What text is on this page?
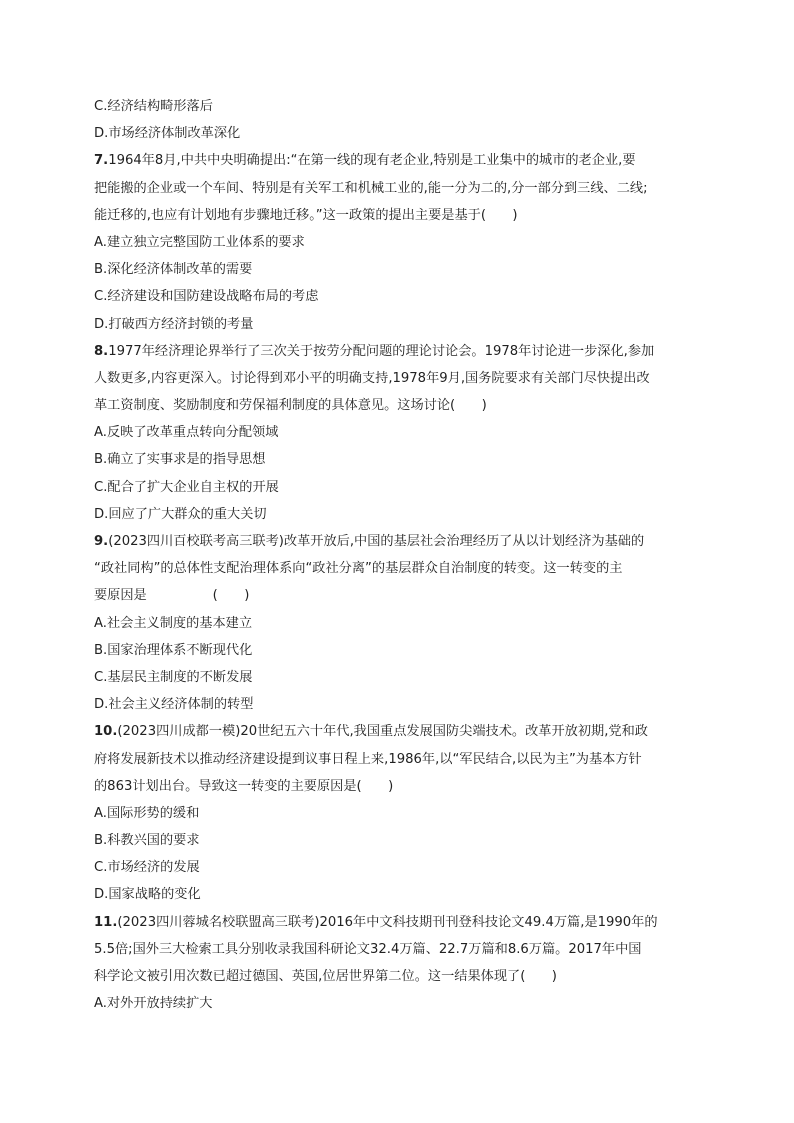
C.经济结构畸形落后
D.市场经济体制改革深化
7.1964年8月,中共中央明确提出:“在第一线的现有老企业,特别是工业集中的城市的老企业,要
把能搬的企业或一个车间、特别是有关军工和机械工业的,能一分为二的,分一部分到三线、二线;
能迁移的,也应有计划地有步骤地迁移。”这一政策的提出主要是基于(　　)
A.建立独立完整国防工业体系的要求
B.深化经济体制改革的需要
C.经济建设和国防建设战略布局的考虑
D.打破西方经济封锁的考量
8.1977年经济理论界举行了三次关于按劳分配问题的理论讨论会。1978年讨论进一步深化,参加
人数更多,内容更深入。讨论得到邓小平的明确支持,1978年9月,国务院要求有关部门尽快提出改
革工资制度、奖励制度和劳保福利制度的具体意见。这场讨论(　　)
A.反映了改革重点转向分配领域
B.确立了实事求是的指导思想
C.配合了扩大企业自主权的开展
D.回应了广大群众的重大关切
9.(2023四川百校联考高三联考)改革开放后,中国的基层社会治理经历了从以计划经济为基础的
“政社同构”的总体性支配治理体系向“政社分离”的基层群众自治制度的转变。这一转变的主
要原因是　　　　　(　　)
A.社会主义制度的基本建立
B.国家治理体系不断现代化
C.基层民主制度的不断发展
D.社会主义经济体制的转型
10.(2023四川成都一模)20世纪五六十年代,我国重点发展国防尖端技术。改革开放初期,党和政
府将发展新技术以推动经济建设提到议事日程上来,1986年,以“军民结合,以民为主”为基本方针
的863计划出台。导致这一转变的主要原因是(　　)
A.国际形势的缓和
B.科教兴国的要求
C.市场经济的发展
D.国家战略的变化
11.(2023四川蓉城名校联盟高三联考)2016年中文科技期刊刊登科技论文49.4万篇,是1990年的
5.5倍;国外三大检索工具分别收录我国科研论文32.4万篇、22.7万篇和8.6万篇。2017年中国
科学论文被引用次数已超过德国、英国,位居世界第二位。这一结果体现了(　　)
A.对外开放持续扩大
